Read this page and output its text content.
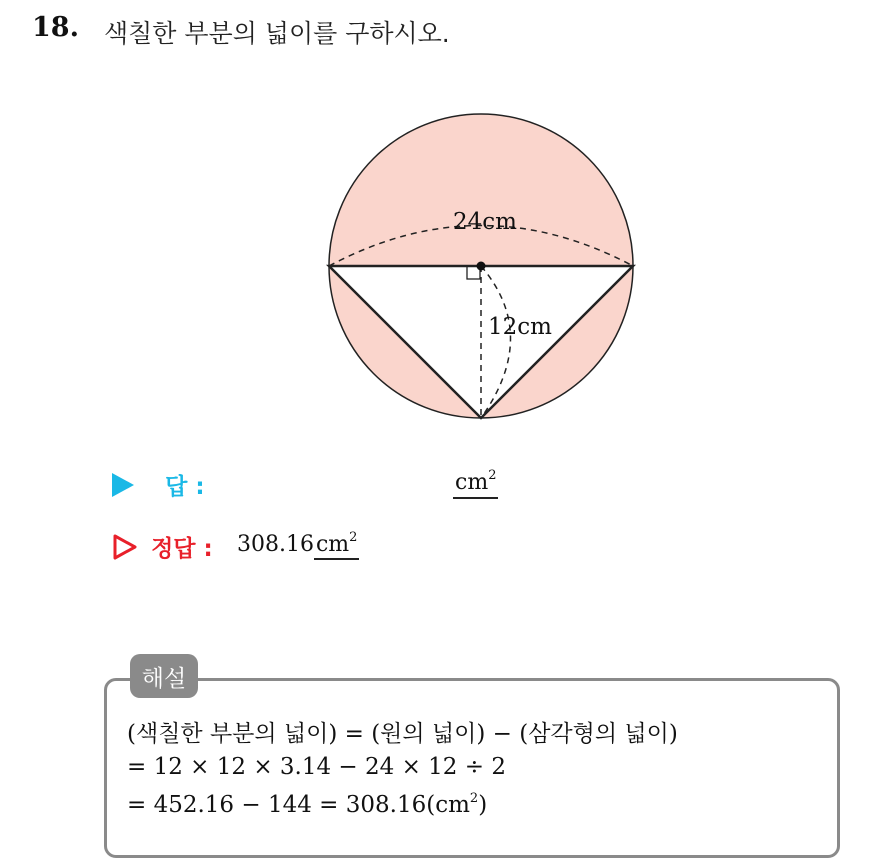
18. 색칠한 부분의 넓이를 구하시오.
24cm
12cm
답 :	$cm^2$
정답 : $308.16cm^2$
해설
(색칠한 부분의 넓이) = (원의 넓이) − (삼각형의 넓이)
= 12 × 12 × 3.14 − 24 × 12 ÷ 2
= $452.16 - 144 = 308.16(cm^2)$
